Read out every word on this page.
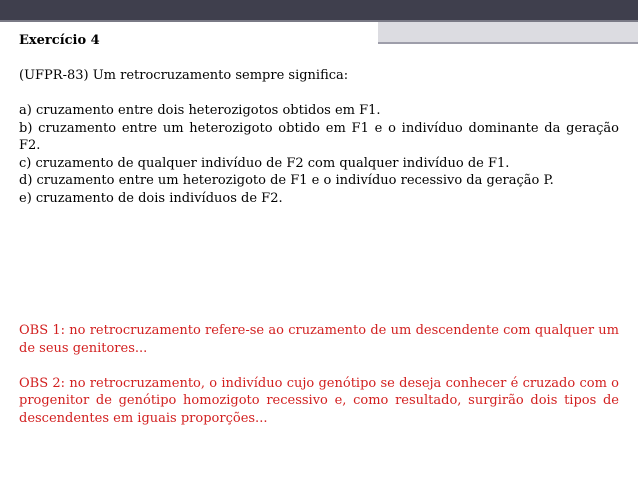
Exercício 4

(UFPR-83) Um retrocruzamento sempre significa:

a) cruzamento entre dois heterozigotos obtidos em F1.

b) cruzamento entre um heterozigoto obtido em F1 e o indivíduo dominante da geração F2.

c) cruzamento de qualquer indivíduo de F2 com qualquer indivíduo de F1.

d) cruzamento entre um heterozigoto de F1 e o indivíduo recessivo da geração P.

e) cruzamento de dois indivíduos de F2.

OBS 1: no retrocruzamento refere-se ao cruzamento de um descendente com qualquer um de seus genitores...

OBS 2: no retrocruzamento, o indivíduo cujo genótipo se deseja conhecer é cruzado com o progenitor de genótipo homozigoto recessivo e, como resultado, surgirão dois tipos de descendentes em iguais proporções...
